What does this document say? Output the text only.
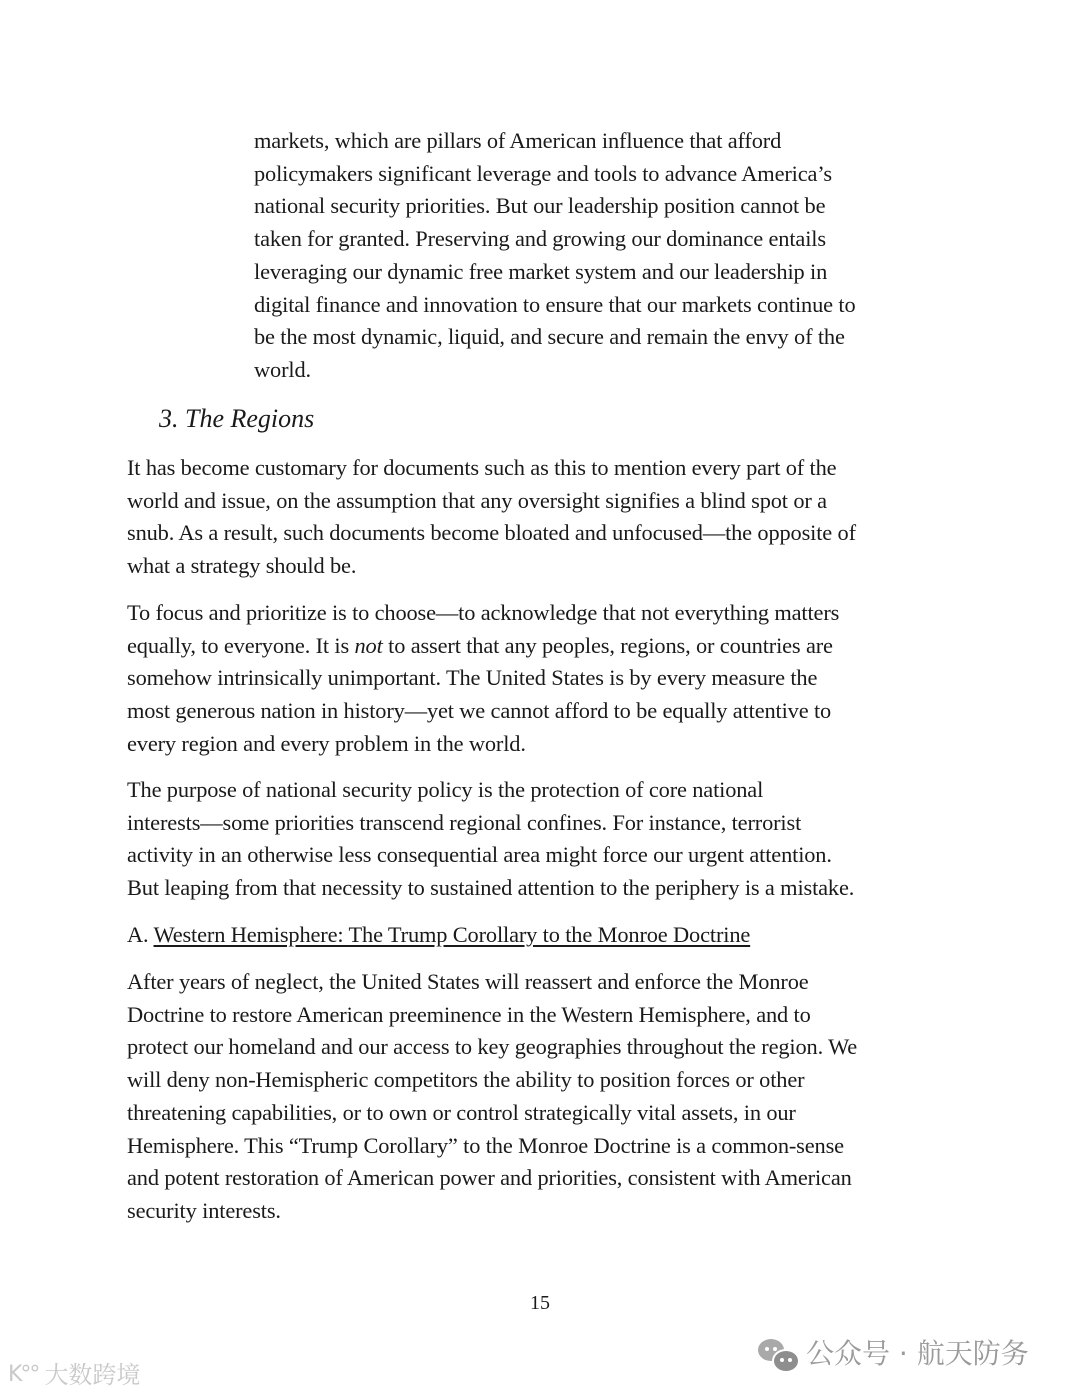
markets, which are pillars of American influence that afford
policymakers significant leverage and tools to advance America’s
national security priorities. But our leadership position cannot be
taken for granted. Preserving and growing our dominance entails
leveraging our dynamic free market system and our leadership in
digital finance and innovation to ensure that our markets continue to
be the most dynamic, liquid, and secure and remain the envy of the
world.
3. The Regions
It has become customary for documents such as this to mention every part of the
world and issue, on the assumption that any oversight signifies a blind spot or a
snub. As a result, such documents become bloated and unfocused—the opposite of
what a strategy should be.
To focus and prioritize is to choose—to acknowledge that not everything matters
equally, to everyone. It is not to assert that any peoples, regions, or countries are
somehow intrinsically unimportant. The United States is by every measure the
most generous nation in history—yet we cannot afford to be equally attentive to
every region and every problem in the world.
The purpose of national security policy is the protection of core national
interests—some priorities transcend regional confines. For instance, terrorist
activity in an otherwise less consequential area might force our urgent attention.
But leaping from that necessity to sustained attention to the periphery is a mistake.
A. Western Hemisphere: The Trump Corollary to the Monroe Doctrine
After years of neglect, the United States will reassert and enforce the Monroe
Doctrine to restore American preeminence in the Western Hemisphere, and to
protect our homeland and our access to key geographies throughout the region. We
will deny non-Hemispheric competitors the ability to position forces or other
threatening capabilities, or to own or control strategically vital assets, in our
Hemisphere. This “Trump Corollary” to the Monroe Doctrine is a common-sense
and potent restoration of American power and priorities, consistent with American
security interests.
15
公众号 · 航天防务
K°° 大数跨境
